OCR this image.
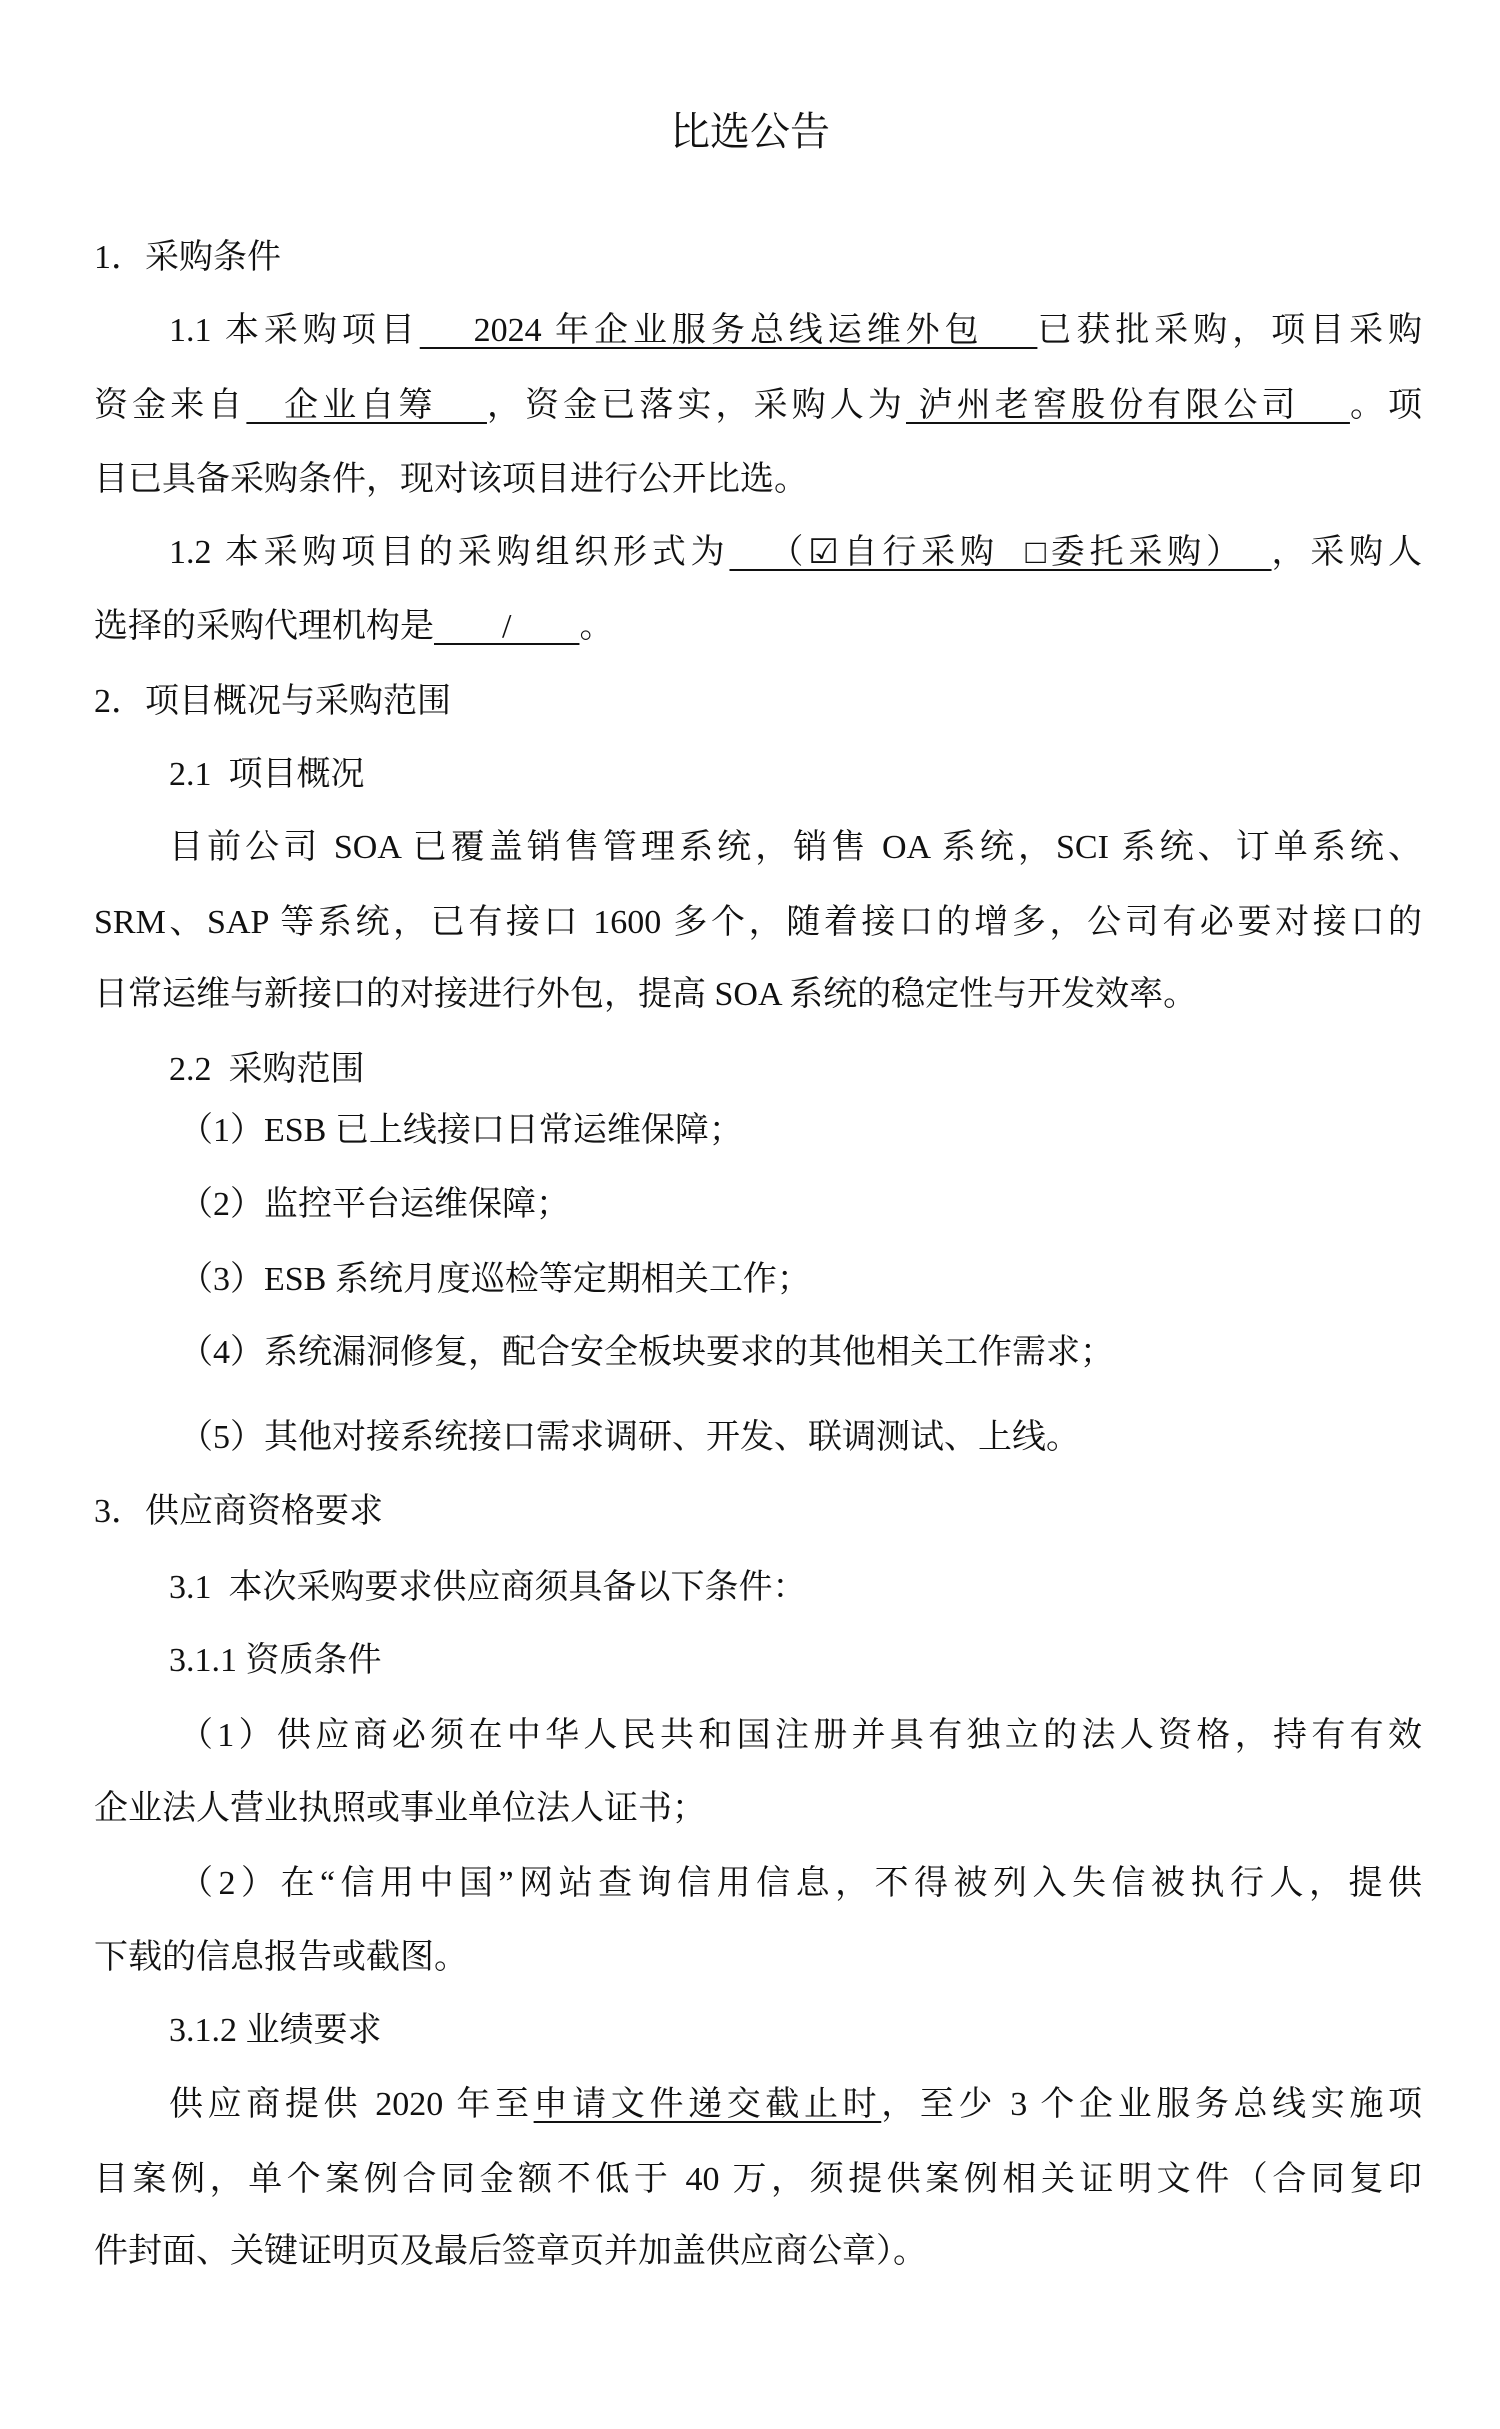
比选公告
1．采购条件
1.1 本采购项目    2024 年企业服务总线运维外包    已获批采购，项目采购
资金来自   企业自筹    ，资金已落实，采购人为 泸州老窖股份有限公司    。项
目已具备采购条件，现对该项目进行公开比选。
1.2 本采购项目的采购组织形式为   （☑自行采购  □委托采购）  ，采购人
选择的采购代理机构是        /        。
2．项目概况与采购范围
2.1  项目概况
目前公司 SOA 已覆盖销售管理系统，销售 OA 系统，SCI 系统、订单系统、
SRM、SAP 等系统，已有接口 1600 多个，随着接口的增多，公司有必要对接口的
日常运维与新接口的对接进行外包，提高 SOA 系统的稳定性与开发效率。
2.2  采购范围
（1）ESB 已上线接口日常运维保障；
（2）监控平台运维保障；
（3）ESB 系统月度巡检等定期相关工作；
（4）系统漏洞修复，配合安全板块要求的其他相关工作需求；
（5）其他对接系统接口需求调研、开发、联调测试、上线。
3．供应商资格要求
3.1  本次采购要求供应商须具备以下条件：
3.1.1 资质条件
（1）供应商必须在中华人民共和国注册并具有独立的法人资格，持有有效
企业法人营业执照或事业单位法人证书；
（2）在“信用中国”网站查询信用信息，不得被列入失信被执行人，提供
下载的信息报告或截图。
3.1.2 业绩要求
供应商提供 2020 年至申请文件递交截止时，至少 3 个企业服务总线实施项
目案例，单个案例合同金额不低于 40 万，须提供案例相关证明文件（合同复印
件封面、关键证明页及最后签章页并加盖供应商公章）。
